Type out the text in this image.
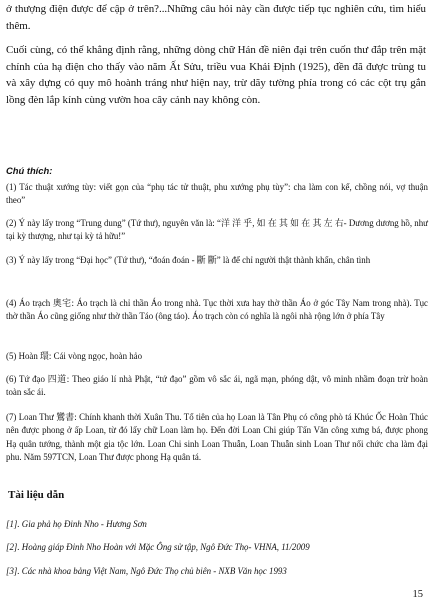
ở thượng điện được để cập ở trên?...Những câu hỏi này cần được tiếp tục nghiên cứu, tìm hiểu thêm.

Cuối cùng, có thể khẳng định rằng, những dòng chữ Hán đề niên đại trên cuốn thư đắp trên mặt chính của hạ điện cho thấy vào năm Ất Sửu, triều vua Khải Định (1925), đền đã được trùng tu và xây dựng có quy mô hoành tráng như hiện nay, trừ dãy tường phía trong có các cột trụ gắn lồng đèn lắp kính cùng vườn hoa cây cảnh nay không còn.

Chú thích:

(1) Tác thuật xướng tùy: viết gọn của “phụ tác tử thuật, phu xướng phụ tùy”: cha làm con kể, chồng nói, vợ thuận theo”

(2) Ý này lấy trong “Trung dung” (Tứ thư), nguyên văn là: “洋 洋 乎, 如 在 其 如 在 其 左 右- Dương dương hồ, như tại kỳ thượng, như tại kỳ tả hữu!”

(3) Ý này lấy trong “Đại học” (Tứ thư), “đoán đoán - 斷 斷” là để chỉ người thật thành khẩn, chân tình

(4) Áo trạch 奧宅: Áo trạch là chỉ thần Áo trong nhà. Tục thời xưa hay thờ thần Áo ở góc Tây Nam trong nhà). Tục thờ thần Áo cũng giống như thờ thần Táo (ông táo). Áo trạch còn có nghĩa là ngôi nhà rộng lớn ở phía Tây

(5) Hoàn 環: Cái vòng ngọc, hoàn hảo

(6) Tứ đạo 四道: Theo giáo lí nhà Phật, “tứ đạo” gồm vô sắc ái, ngã mạn, phóng dật, vô minh nhầm đoạn trừ hoàn toàn sắc ái.

(7) Loan Thư 鸞書: Chính khanh thời Xuân Thu. Tổ tiên của họ Loan là Tân Phụ có công phò tá Khúc Ốc Hoàn Thúc nên được phong ở ấp Loan, từ đó lấy chữ Loan làm họ. Đến đời Loan Chi giúp Tấn Văn công xưng bá, được phong Hạ quân tướng, thành một gia tộc lớn. Loan Chi sinh Loan Thuẫn, Loan Thuẫn sinh Loan Thư nối chức cha làm đại phu. Năm 597TCN, Loan Thư được phong Hạ quân tá.

Tài liệu dẫn

[1]. Gia phả họ Đinh Nho - Hương Sơn

[2]. Hoàng giáp Đinh Nho Hoàn với Mặc Ông sử tập, Ngô Đức Thọ- VHNA, 11/2009

[3]. Các nhà khoa bảng Việt Nam, Ngô Đức Thọ chủ biên - NXB Văn học 1993

15
